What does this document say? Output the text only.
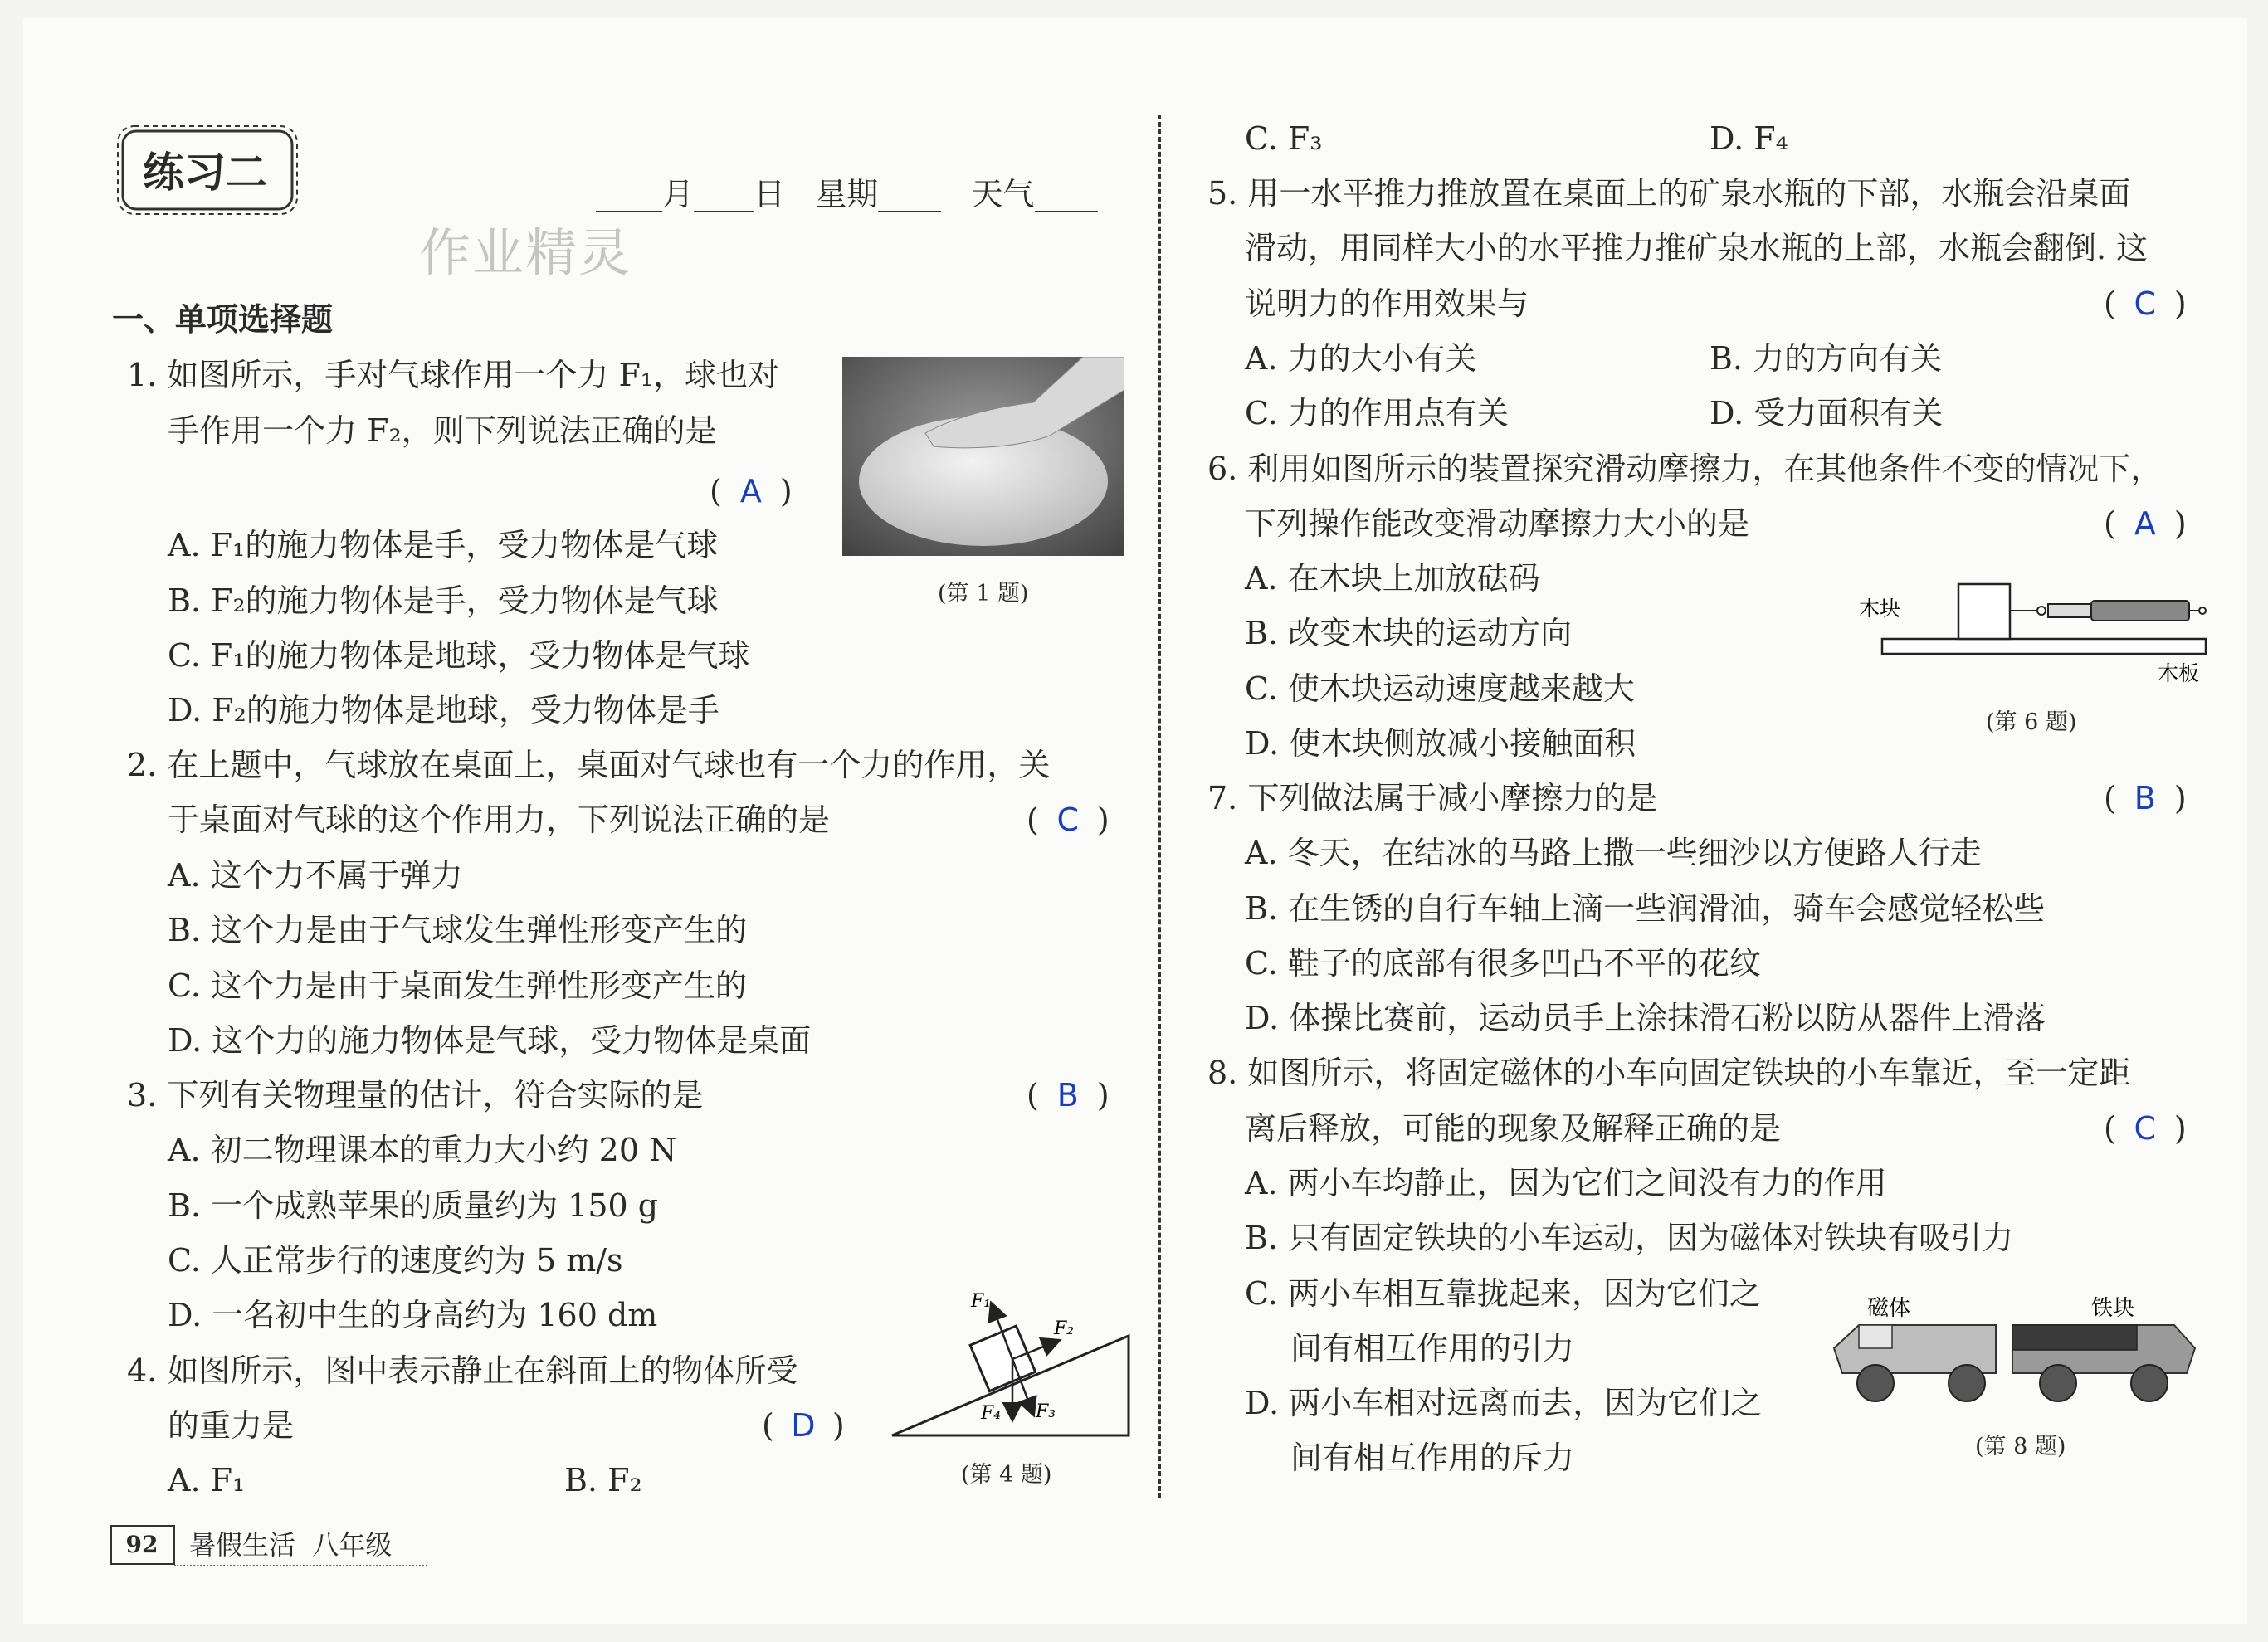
练习二	月 日 星期	天气
作业精灵
一、单项选择题
1. 如图所示，手对气球作用一个力 F₁，球也对
手作用一个力 F₂，则下列说法正确的是
( A )
A. F₁的施力物体是手，受力物体是气球
B. F₂的施力物体是手，受力物体是气球
C. F₁的施力物体是地球，受力物体是气球
D. F₂的施力物体是地球，受力物体是手
(第 1 题)
2. 在上题中，气球放在桌面上，桌面对气球也有一个力的作用，关
于桌面对气球的这个作用力，下列说法正确的是	( C )
A. 这个力不属于弹力
B. 这个力是由于气球发生弹性形变产生的
C. 这个力是由于桌面发生弹性形变产生的
D. 这个力的施力物体是气球，受力物体是桌面
3. 下列有关物理量的估计，符合实际的是	( B )
A. 初二物理课本的重力大小约 20 N
B. 一个成熟苹果的质量约为 150 g
C. 人正常步行的速度约为 5 m/s
D. 一名初中生的身高约为 160 dm
4. 如图所示，图中表示静止在斜面上的物体所受
的重力是	( D )
A. F₁	B. F₂
F₁
F₂
F₄ F₃
(第 4 题)
92	暑假生活 八年级
C. F₃	D. F₄
5. 用一水平推力推放置在桌面上的矿泉水瓶的下部，水瓶会沿桌面
滑动，用同样大小的水平推力推矿泉水瓶的上部，水瓶会翻倒. 这
说明力的作用效果与	( C )
A. 力的大小有关	B. 力的方向有关
C. 力的作用点有关	D. 受力面积有关
6. 利用如图所示的装置探究滑动摩擦力，在其他条件不变的情况下，
下列操作能改变滑动摩擦力大小的是	( A )
A. 在木块上加放砝码
B. 改变木块的运动方向
C. 使木块运动速度越来越大
D. 使木块侧放减小接触面积
木块
木板
(第 6 题)
7. 下列做法属于减小摩擦力的是	( B )
A. 冬天，在结冰的马路上撒一些细沙以方便路人行走
B. 在生锈的自行车轴上滴一些润滑油，骑车会感觉轻松些
C. 鞋子的底部有很多凹凸不平的花纹
D. 体操比赛前，运动员手上涂抹滑石粉以防从器件上滑落
8. 如图所示，将固定磁体的小车向固定铁块的小车靠近，至一定距
离后释放，可能的现象及解释正确的是	( C )
A. 两小车均静止，因为它们之间没有力的作用
B. 只有固定铁块的小车运动，因为磁体对铁块有吸引力
C. 两小车相互靠拢起来，因为它们之
间有相互作用的引力
D. 两小车相对远离而去，因为它们之
间有相互作用的斥力
磁体	铁块
(第 8 题)
